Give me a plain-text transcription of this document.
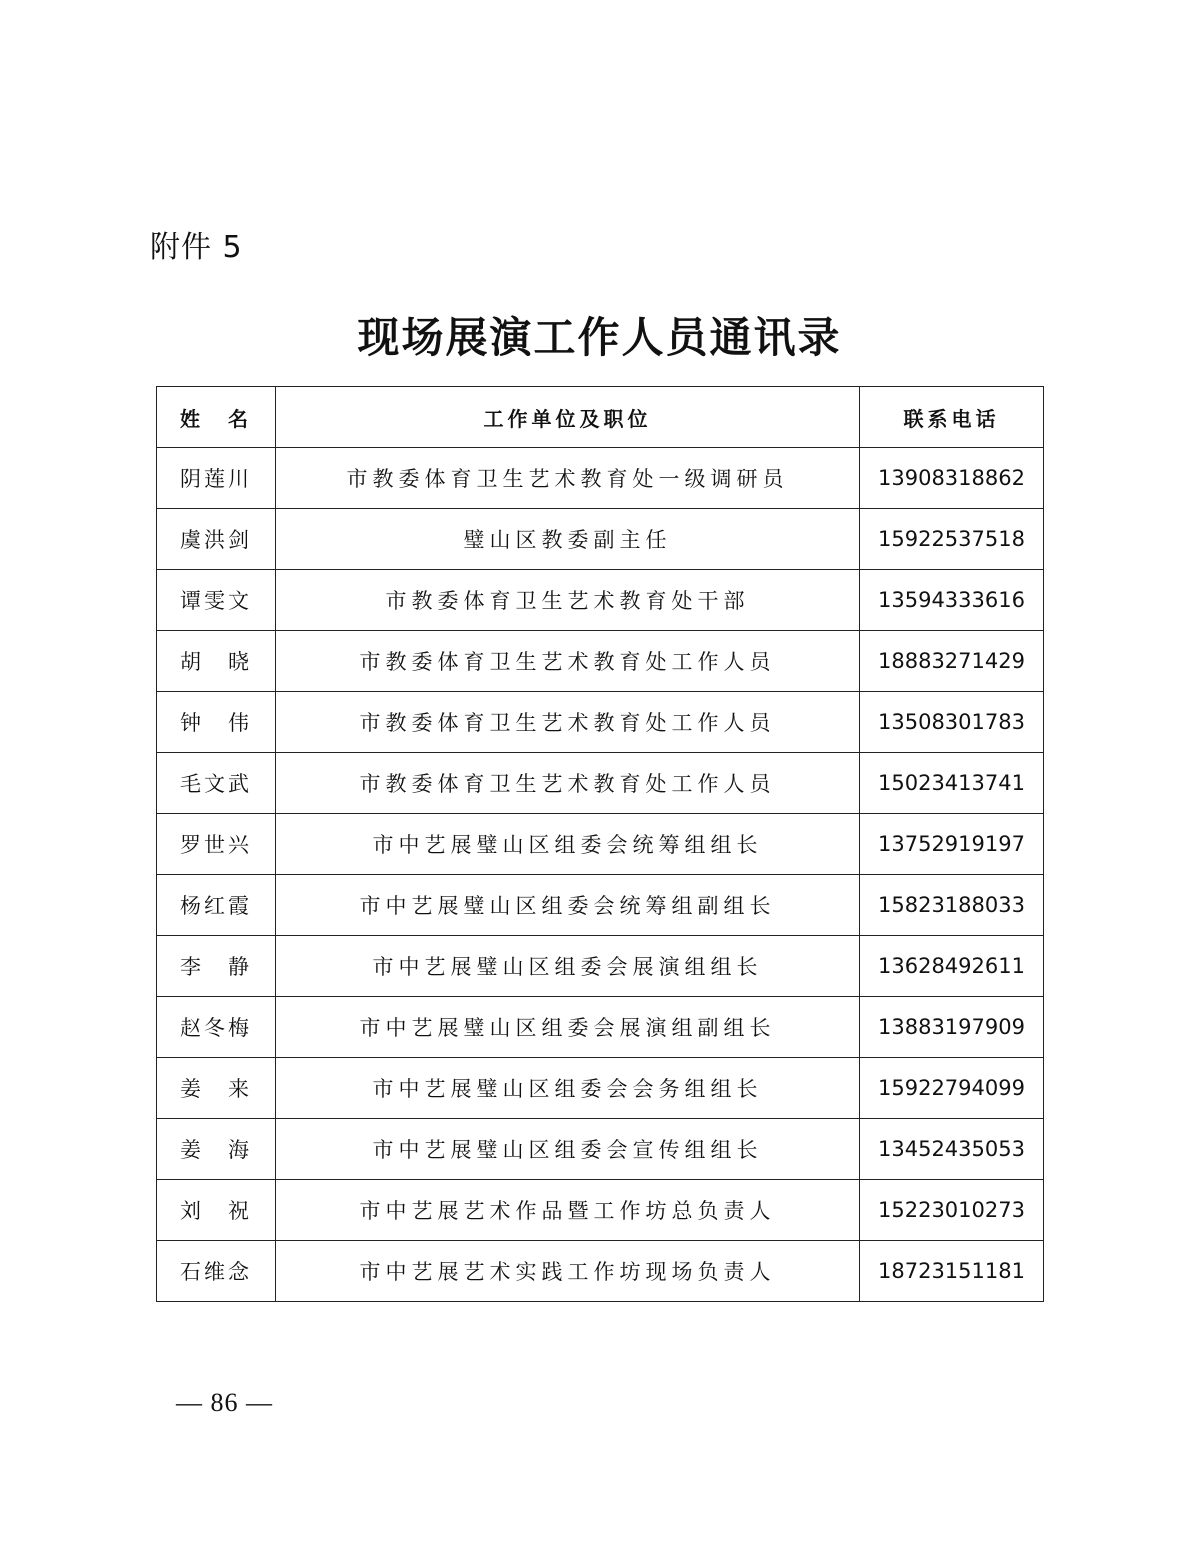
附件 5
现场展演工作人员通讯录
姓　名	工作单位及职位	联系电话
阴莲川	市教委体育卫生艺术教育处一级调研员	13908318862
虞洪剑	璧山区教委副主任	15922537518
谭雯文	市教委体育卫生艺术教育处干部	13594333616
胡　晓	市教委体育卫生艺术教育处工作人员	18883271429
钟　伟	市教委体育卫生艺术教育处工作人员	13508301783
毛文武	市教委体育卫生艺术教育处工作人员	15023413741
罗世兴	市中艺展璧山区组委会统筹组组长	13752919197
杨红霞	市中艺展璧山区组委会统筹组副组长	15823188033
李　静	市中艺展璧山区组委会展演组组长	13628492611
赵冬梅	市中艺展璧山区组委会展演组副组长	13883197909
姜　来	市中艺展璧山区组委会会务组组长	15922794099
姜　海	市中艺展璧山区组委会宣传组组长	13452435053
刘　祝	市中艺展艺术作品暨工作坊总负责人	15223010273
石维念	市中艺展艺术实践工作坊现场负责人	18723151181
— 86 —
